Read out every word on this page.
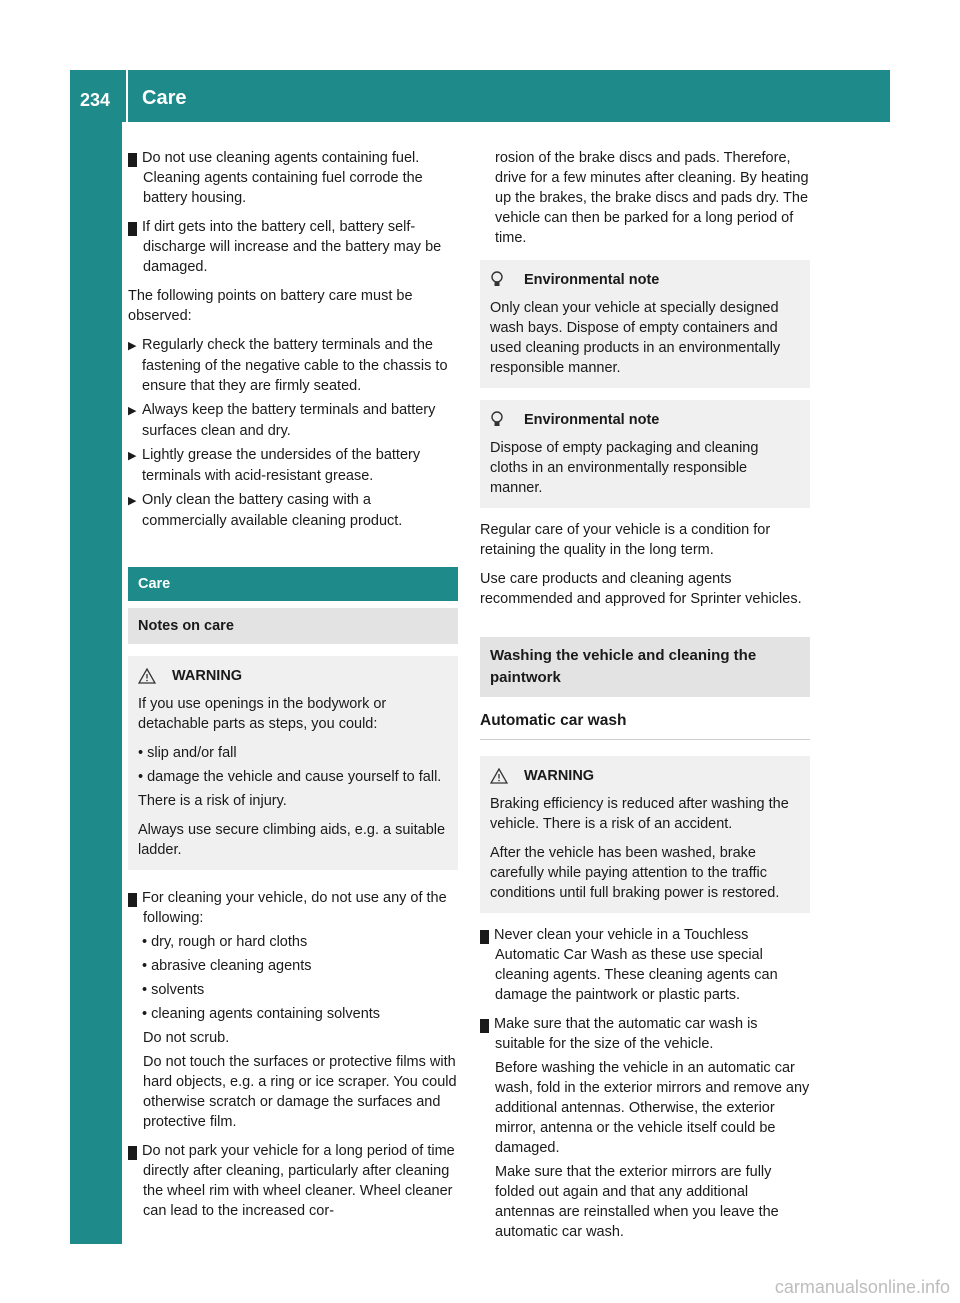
234 Care
Maintenance and care

! Do not use cleaning agents containing fuel. Cleaning agents containing fuel corrode the battery housing.

! If dirt gets into the battery cell, battery self-discharge will increase and the battery may be damaged.

The following points on battery care must be observed:

▶ Regularly check the battery terminals and the fastening of the negative cable to the chassis to ensure that they are firmly seated.
▶ Always keep the battery terminals and battery surfaces clean and dry.
▶ Lightly grease the undersides of the battery terminals with acid-resistant grease.
▶ Only clean the battery casing with a commercially available cleaning product.
Care
Notes on care
WARNING

If you use openings in the bodywork or detachable parts as steps, you could:

• slip and/or fall
• damage the vehicle and cause yourself to fall.

There is a risk of injury.

Always use secure climbing aids, e.g. a suitable ladder.

! For cleaning your vehicle, do not use any of the following:

• dry, rough or hard cloths
• abrasive cleaning agents
• solvents
• cleaning agents containing solvents

Do not scrub.

Do not touch the surfaces or protective films with hard objects, e.g. a ring or ice scraper. You could otherwise scratch or damage the surfaces and protective film.

! Do not park your vehicle for a long period of time directly after cleaning, particularly after cleaning the wheel rim with wheel cleaner. Wheel cleaner can lead to the increased cor-

rosion of the brake discs and pads. Therefore, drive for a few minutes after cleaning. By heating up the brakes, the brake discs and pads dry. The vehicle can then be parked for a long period of time.

Environmental note

Only clean your vehicle at specially designed wash bays. Dispose of empty containers and used cleaning products in an environmentally responsible manner.

Environmental note

Dispose of empty packaging and cleaning cloths in an environmentally responsible manner.

Regular care of your vehicle is a condition for retaining the quality in the long term.

Use care products and cleaning agents recommended and approved for Sprinter vehicles.

Washing the vehicle and cleaning the paintwork
Automatic car wash
WARNING

Braking efficiency is reduced after washing the vehicle. There is a risk of an accident.

After the vehicle has been washed, brake carefully while paying attention to the traffic conditions until full braking power is restored.

! Never clean your vehicle in a Touchless Automatic Car Wash as these use special cleaning agents. These cleaning agents can damage the paintwork or plastic parts.

! Make sure that the automatic car wash is suitable for the size of the vehicle.

Before washing the vehicle in an automatic car wash, fold in the exterior mirrors and remove any additional antennas. Otherwise, the exterior mirror, antenna or the vehicle itself could be damaged.

Make sure that the exterior mirrors are fully folded out again and that any additional antennas are reinstalled when you leave the automatic car wash.

carmanualsonline.info
